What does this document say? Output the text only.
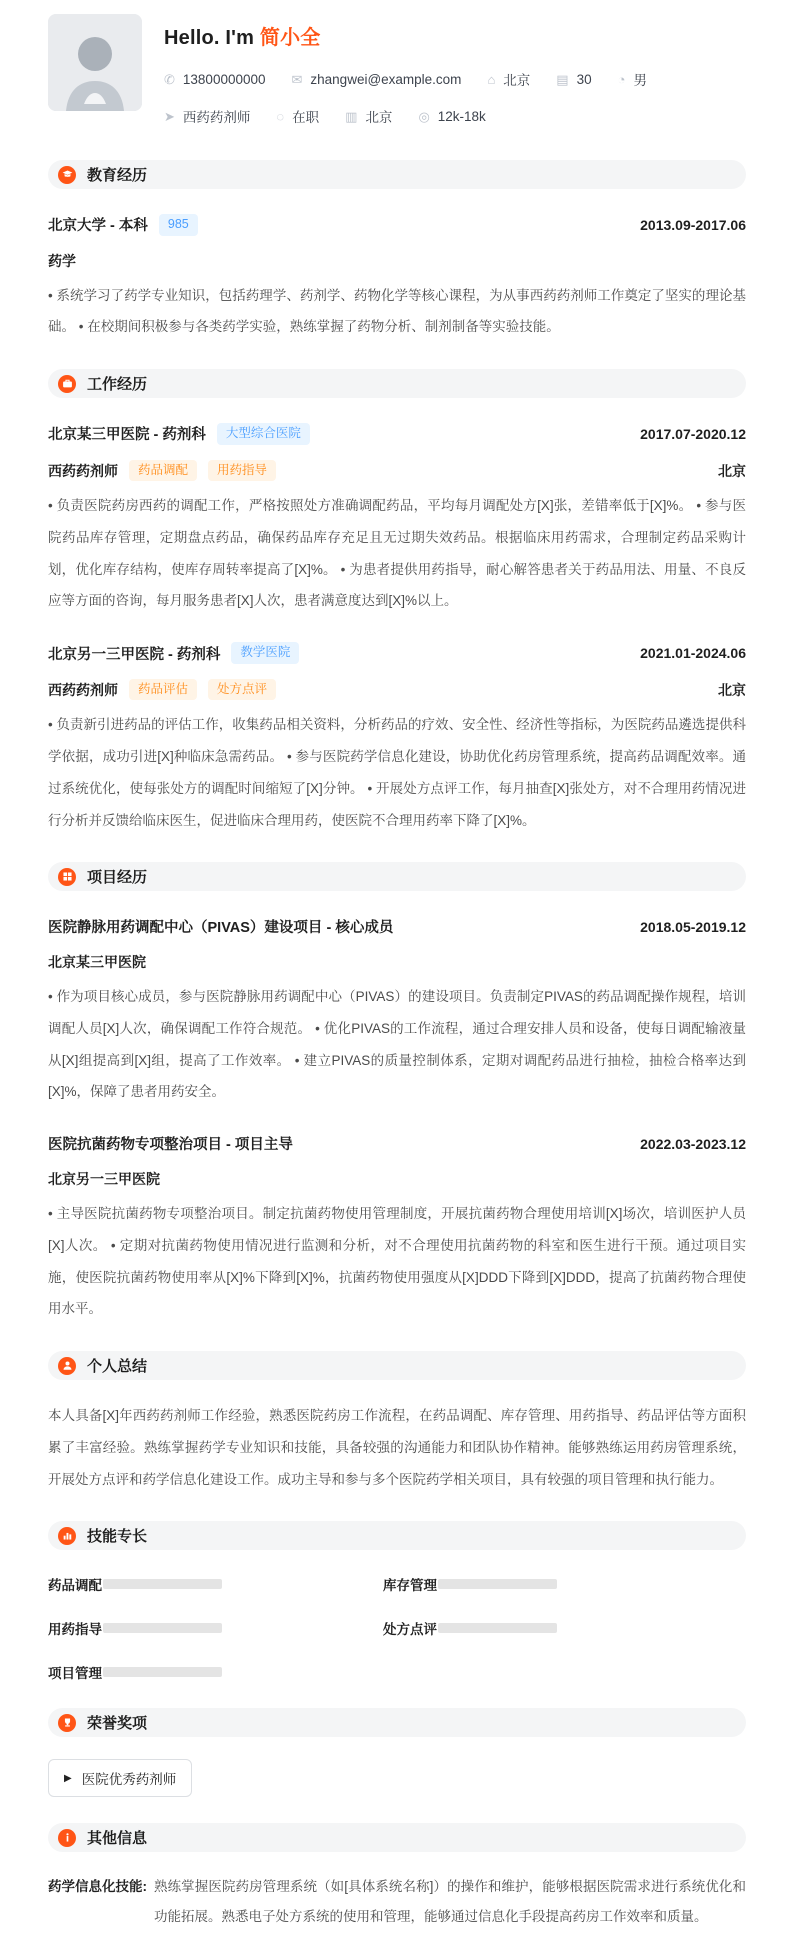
Hello. I'm 简小全
✆ 13800000000 ✉ zhangwei@example.com ⌂ 北京 ▤ 30 ◔ 男
➤ 西药药剂师 ◌ 在职 ▥ 北京 ◎ 12k-18k
教育经历
北京大学 - 本科	985	2013.09-2017.06
药学
• 系统学习了药学专业知识，包括药理学、药剂学、药物化学等核心课程，为从事西药药剂师工作奠定了坚实的理论基础。 • 在校期间积极参与各类药学实验，熟练掌握了药物分析、制剂制备等实验技能。
工作经历
北京某三甲医院 - 药剂科	大型综合医院	2017.07-2020.12
西药药剂师	药品调配	用药指导	北京
• 负责医院药房西药的调配工作，严格按照处方准确调配药品，平均每月调配处方[X]张，差错率低于[X]%。 • 参与医院药品库存管理，定期盘点药品，确保药品库存充足且无过期失效药品。根据临床用药需求，合理制定药品采购计划，优化库存结构，使库存周转率提高了[X]%。 • 为患者提供用药指导，耐心解答患者关于药品用法、用量、不良反应等方面的咨询，每月服务患者[X]人次，患者满意度达到[X]%以上。
北京另一三甲医院 - 药剂科	教学医院	2021.01-2024.06
西药药剂师	药品评估	处方点评	北京
• 负责新引进药品的评估工作，收集药品相关资料，分析药品的疗效、安全性、经济性等指标，为医院药品遴选提供科学依据，成功引进[X]种临床急需药品。 • 参与医院药学信息化建设，协助优化药房管理系统，提高药品调配效率。通过系统优化，使每张处方的调配时间缩短了[X]分钟。 • 开展处方点评工作，每月抽查[X]张处方，对不合理用药情况进行分析并反馈给临床医生，促进临床合理用药，使医院不合理用药率下降了[X]%。
项目经历
医院静脉用药调配中心（PIVAS）建设项目 - 核心成员	2018.05-2019.12
北京某三甲医院
• 作为项目核心成员，参与医院静脉用药调配中心（PIVAS）的建设项目。负责制定PIVAS的药品调配操作规程，培训调配人员[X]人次，确保调配工作符合规范。 • 优化PIVAS的工作流程，通过合理安排人员和设备，使每日调配输液量从[X]组提高到[X]组，提高了工作效率。 • 建立PIVAS的质量控制体系，定期对调配药品进行抽检，抽检合格率达到[X]%，保障了患者用药安全。
医院抗菌药物专项整治项目 - 项目主导	2022.03-2023.12
北京另一三甲医院
• 主导医院抗菌药物专项整治项目。制定抗菌药物使用管理制度，开展抗菌药物合理使用培训[X]场次，培训医护人员[X]人次。 • 定期对抗菌药物使用情况进行监测和分析，对不合理使用抗菌药物的科室和医生进行干预。通过项目实施，使医院抗菌药物使用率从[X]%下降到[X]%，抗菌药物使用强度从[X]DDD下降到[X]DDD，提高了抗菌药物合理使用水平。
个人总结
本人具备[X]年西药药剂师工作经验，熟悉医院药房工作流程，在药品调配、库存管理、用药指导、药品评估等方面积累了丰富经验。熟练掌握药学专业知识和技能，具备较强的沟通能力和团队协作精神。能够熟练运用药房管理系统，开展处方点评和药学信息化建设工作。成功主导和参与多个医院药学相关项目，具有较强的项目管理和执行能力。
技能专长
药品调配	库存管理
用药指导	处方点评
项目管理
荣誉奖项
▶ 医院优秀药剂师
其他信息
药学信息化技能: 熟练掌握医院药房管理系统（如[具体系统名称]）的操作和维护，能够根据医院需求进行系统优化和功能拓展。熟悉电子处方系统的使用和管理，能够通过信息化手段提高药房工作效率和质量。
